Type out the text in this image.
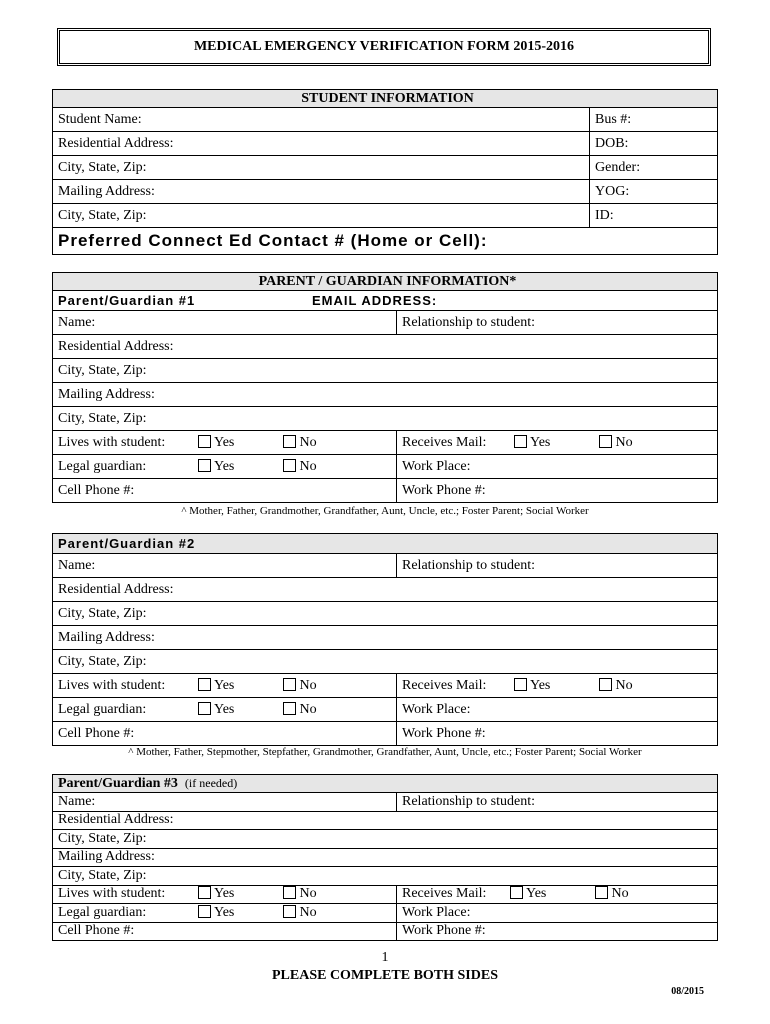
MEDICAL EMERGENCY VERIFICATION FORM 2015-2016
STUDENT INFORMATION	
Student Name:	Bus #:
Residential Address:	DOB:
City, State, Zip:	Gender:
Mailing Address:	YOG:
City, State, Zip:	ID:
Preferred Connect Ed Contact # (Home or Cell):	
PARENT / GUARDIAN INFORMATION*	
Parent/Guardian #1 EMAIL ADDRESS:	
Name:	Relationship to student:
Residential Address:	
City, State, Zip:	
Mailing Address:	
City, State, Zip:	
Lives with student: Yes No	Receives Mail: Yes No
Legal guardian: Yes No	Work Place:
Cell Phone #:	Work Phone #:
^ Mother, Father, Grandmother, Grandfather, Aunt, Uncle, etc.; Foster Parent; Social Worker
Parent/Guardian #2	
Name:	Relationship to student:
Residential Address:	
City, State, Zip:	
Mailing Address:	
City, State, Zip:	
Lives with student: Yes No	Receives Mail: Yes No
Legal guardian: Yes No	Work Place:
Cell Phone #:	Work Phone #:
^ Mother, Father, Stepmother, Stepfather, Grandmother, Grandfather, Aunt, Uncle, etc.; Foster Parent; Social Worker
Parent/Guardian #3 (if needed)	
Name:	Relationship to student:
Residential Address:	
City, State, Zip:	
Mailing Address:	
City, State, Zip:	
Lives with student: Yes No	Receives Mail: Yes No
Legal guardian: Yes No	Work Place:
Cell Phone #:	Work Phone #:
1
PLEASE COMPLETE BOTH SIDES
08/2015
